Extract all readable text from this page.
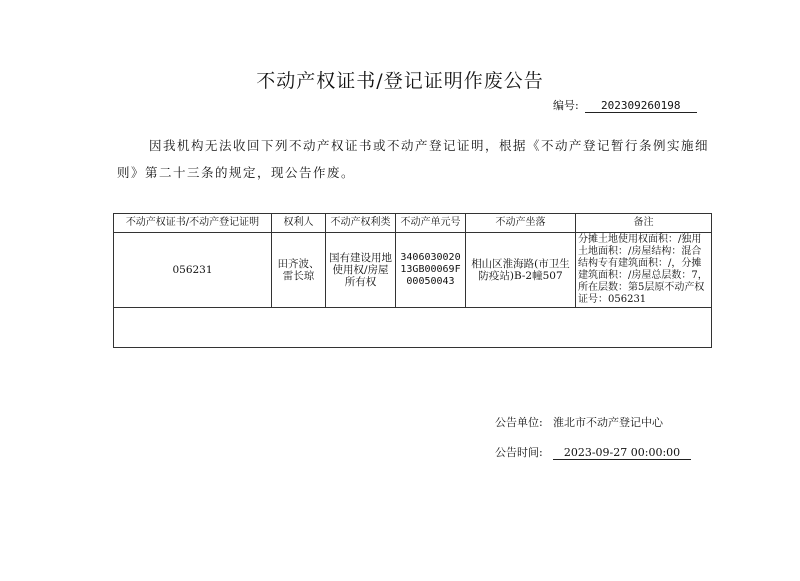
不动产权证书/登记证明作废公告
编号: 202309260198
因我机构无法收回下列不动产权证书或不动产登记证明，根据《不动产登记暂行条例实施细则》第二十三条的规定，现公告作废。
不动产权证书/不动产登记证明	权利人	不动产权利类	不动产单元号	不动产坐落	备注
056231	田齐波、雷长琼	国有建设用地使用权/房屋所有权	340603002013GB00069F00050043	相山区淮海路(市卫生防疫站)B-2幢507	分摊土地使用权面积：/独用土地面积：/房屋结构：混合结构专有建筑面积：/，分摊建筑面积：/房屋总层数：7，所在层数：第5层原不动产权证号：056231

公告单位: 淮北市不动产登记中心
公告时间: 2023-09-27 00:00:00
